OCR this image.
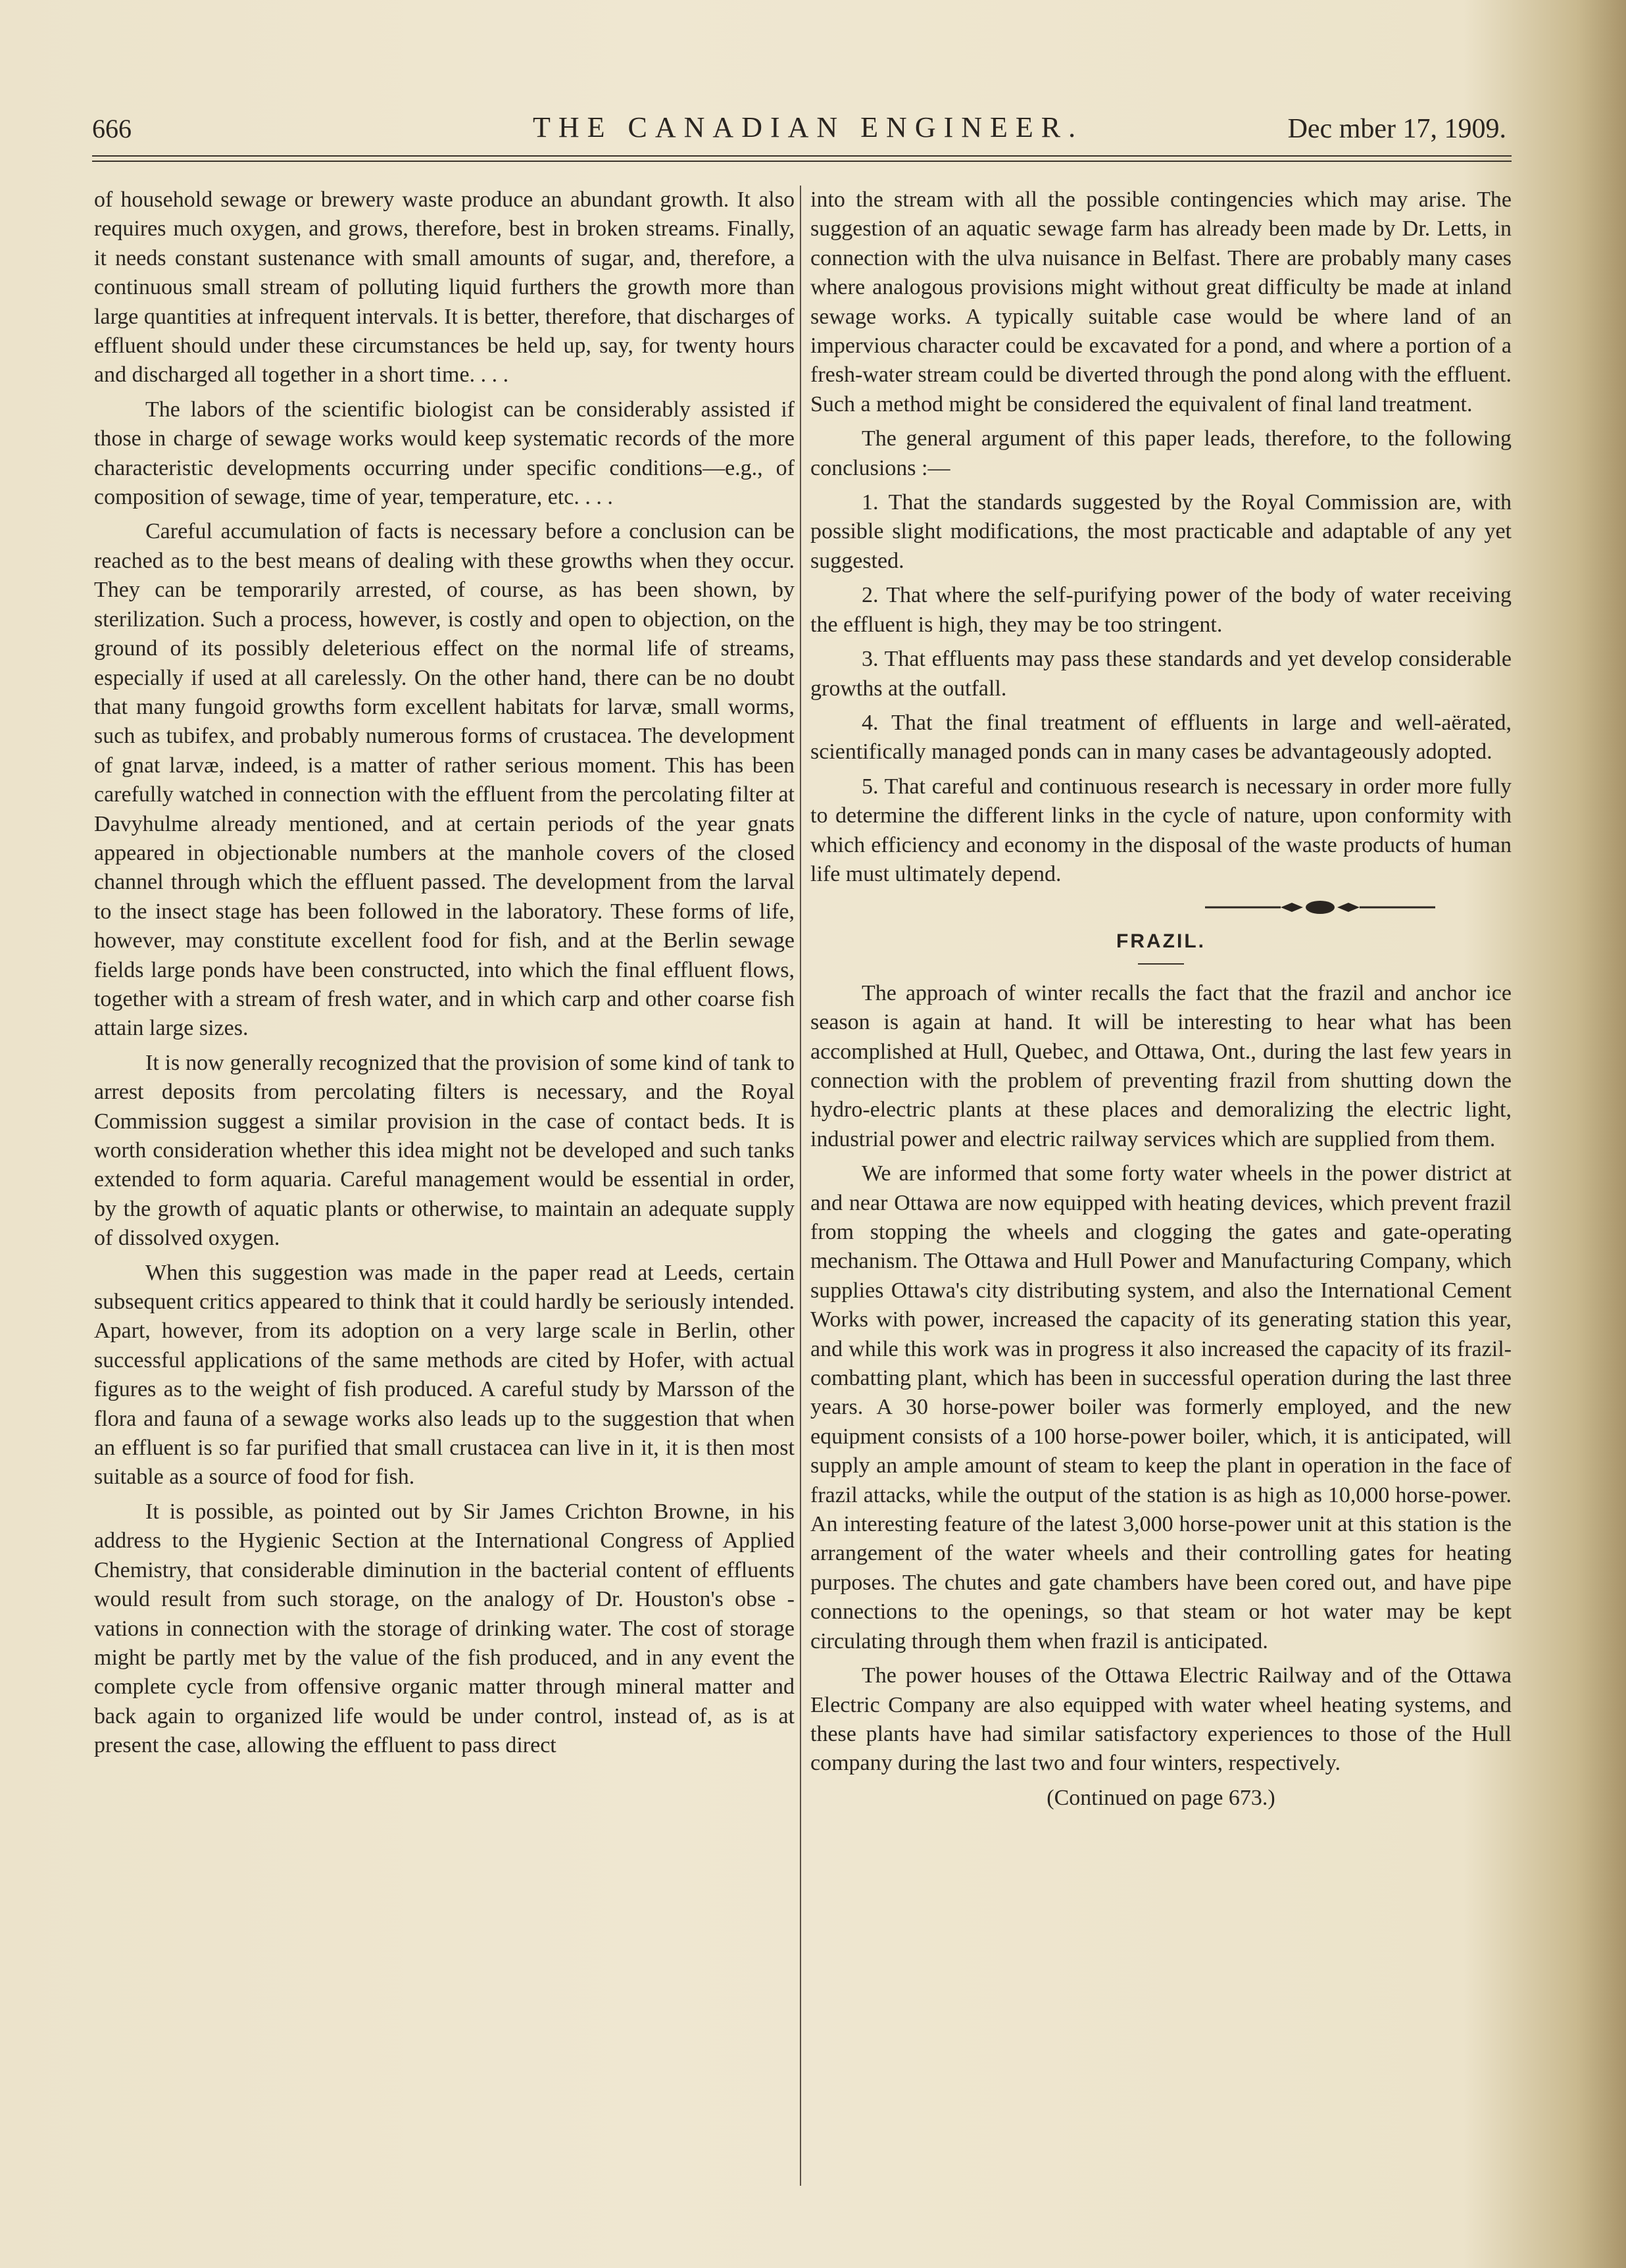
666	THE CANADIAN ENGINEER.	Dec mber 17, 1909.

of household sewage or brewery waste produce an abundant growth. It also requires much oxygen, and grows, therefore, best in broken streams. Finally, it needs constant sustenance with small amounts of sugar, and, therefore, a continuous small stream of polluting liquid furthers the growth more than large quantities at infrequent intervals. It is better, therefore, that discharges of effluent should under these circumstances be held up, say, for twenty hours and discharged all together in a short time. . . .

The labors of the scientific biologist can be considerably assisted if those in charge of sewage works would keep systematic records of the more characteristic developments occurring under specific conditions—e.g., of composition of sewage, time of year, temperature, etc. . . .

Careful accumulation of facts is necessary before a conclusion can be reached as to the best means of dealing with these growths when they occur. They can be temporarily arrested, of course, as has been shown, by sterilization. Such a process, however, is costly and open to objection, on the ground of its possibly deleterious effect on the normal life of streams, especially if used at all carelessly. On the other hand, there can be no doubt that many fungoid growths form excellent habitats for larvæ, small worms, such as tubifex, and probably numerous forms of crustacea. The development of gnat larvæ, indeed, is a matter of rather serious moment. This has been carefully watched in connection with the effluent from the percolating filter at Davyhulme already mentioned, and at certain periods of the year gnats appeared in objectionable numbers at the manhole covers of the closed channel through which the effluent passed. The development from the larval to the insect stage has been followed in the laboratory. These forms of life, however, may constitute excellent food for fish, and at the Berlin sewage fields large ponds have been constructed, into which the final effluent flows, together with a stream of fresh water, and in which carp and other coarse fish attain large sizes.

It is now generally recognized that the provision of some kind of tank to arrest deposits from percolating filters is necessary, and the Royal Commission suggest a similar provision in the case of contact beds. It is worth consideration whether this idea might not be developed and such tanks extended to form aquaria. Careful management would be essential in order, by the growth of aquatic plants or otherwise, to maintain an adequate supply of dissolved oxygen.

When this suggestion was made in the paper read at Leeds, certain subsequent critics appeared to think that it could hardly be seriously intended. Apart, however, from its adoption on a very large scale in Berlin, other successful applications of the same methods are cited by Hofer, with actual figures as to the weight of fish produced. A careful study by Marsson of the flora and fauna of a sewage works also leads up to the suggestion that when an effluent is so far purified that small crustacea can live in it, it is then most suitable as a source of food for fish.

It is possible, as pointed out by Sir James Crichton Browne, in his address to the Hygienic Section at the International Congress of Applied Chemistry, that considerable diminution in the bacterial content of effluents would result from such storage, on the analogy of Dr. Houston's obse - vations in connection with the storage of drinking water. The cost of storage might be partly met by the value of the fish produced, and in any event the complete cycle from offensive organic matter through mineral matter and back again to organized life would be under control, instead of, as is at present the case, allowing the effluent to pass direct

into the stream with all the possible contingencies which may arise. The suggestion of an aquatic sewage farm has already been made by Dr. Letts, in connection with the ulva nuisance in Belfast. There are probably many cases where analogous provisions might without great difficulty be made at inland sewage works. A typically suitable case would be where land of an impervious character could be excavated for a pond, and where a portion of a fresh-water stream could be diverted through the pond along with the effluent. Such a method might be considered the equivalent of final land treatment.

The general argument of this paper leads, therefore, to the following conclusions :—

1. That the standards suggested by the Royal Commission are, with possible slight modifications, the most practicable and adaptable of any yet suggested.

2. That where the self-purifying power of the body of water receiving the effluent is high, they may be too stringent.

3. That effluents may pass these standards and yet develop considerable growths at the outfall.

4. That the final treatment of effluents in large and well-aërated, scientifically managed ponds can in many cases be advantageously adopted.

5. That careful and continuous research is necessary in order more fully to determine the different links in the cycle of nature, upon conformity with which efficiency and economy in the disposal of the waste products of human life must ultimately depend.

FRAZIL.

The approach of winter recalls the fact that the frazil and anchor ice season is again at hand. It will be interesting to hear what has been accomplished at Hull, Quebec, and Ottawa, Ont., during the last few years in connection with the problem of preventing frazil from shutting down the hydro-electric plants at these places and demoralizing the electric light, industrial power and electric railway services which are supplied from them.

We are informed that some forty water wheels in the power district at and near Ottawa are now equipped with heating devices, which prevent frazil from stopping the wheels and clogging the gates and gate-operating mechanism. The Ottawa and Hull Power and Manufacturing Company, which supplies Ottawa's city distributing system, and also the International Cement Works with power, increased the capacity of its generating station this year, and while this work was in progress it also increased the capacity of its frazil-combatting plant, which has been in successful operation during the last three years. A 30 horse-power boiler was formerly employed, and the new equipment consists of a 100 horse-power boiler, which, it is anticipated, will supply an ample amount of steam to keep the plant in operation in the face of frazil attacks, while the output of the station is as high as 10,000 horse-power. An interesting feature of the latest 3,000 horse-power unit at this station is the arrangement of the water wheels and their controlling gates for heating purposes. The chutes and gate chambers have been cored out, and have pipe connections to the openings, so that steam or hot water may be kept circulating through them when frazil is anticipated.

The power houses of the Ottawa Electric Railway and of the Ottawa Electric Company are also equipped with water wheel heating systems, and these plants have had similar satisfactory experiences to those of the Hull company during the last two and four winters, respectively.

(Continued on page 673.)
